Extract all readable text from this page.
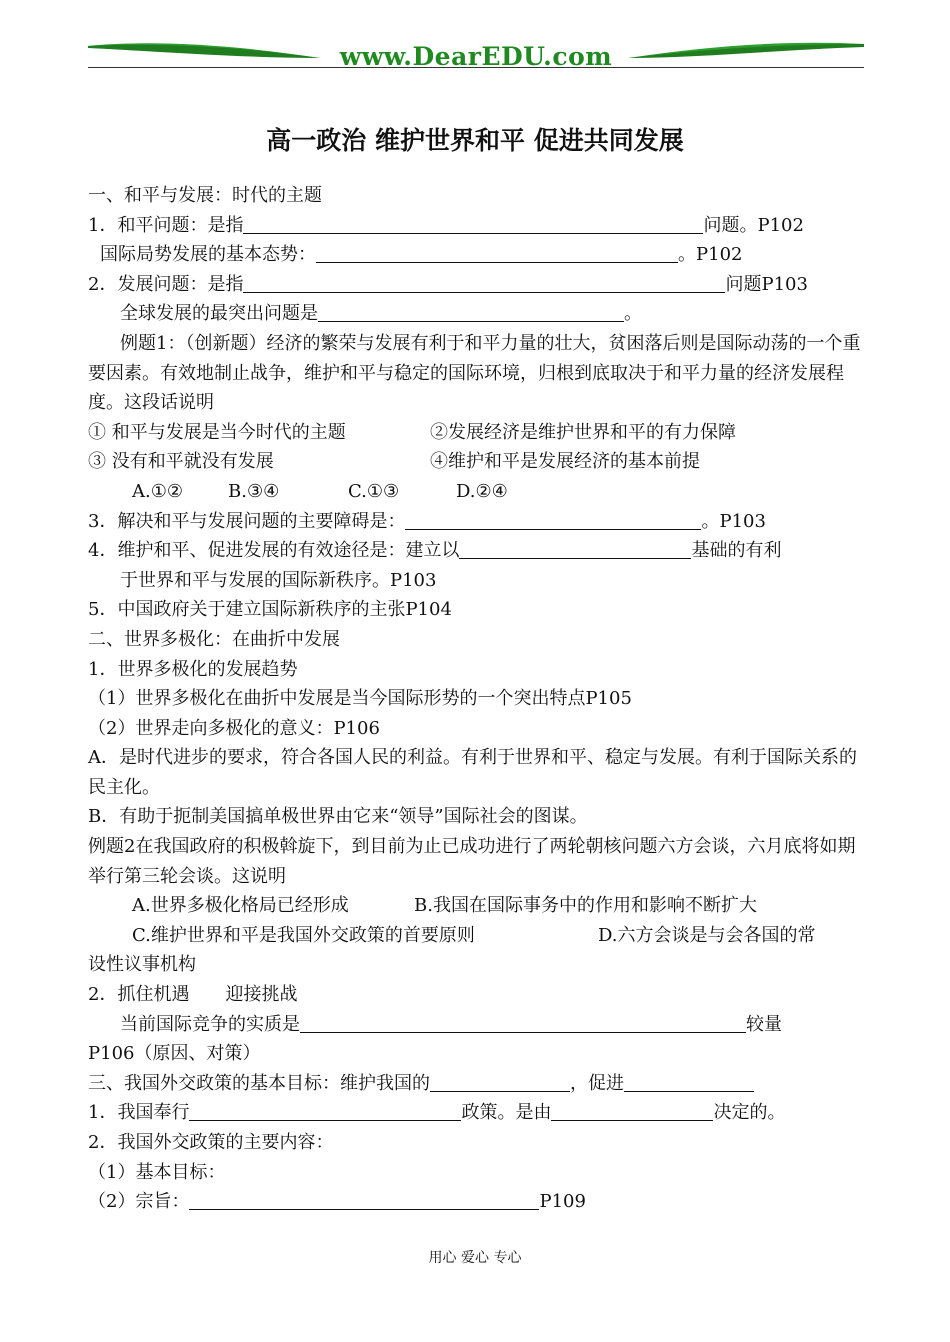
www.DearEDU.com
高一政治 维护世界和平 促进共同发展
一、和平与发展：时代的主题
1．和平问题：是指	问题。P102
国际局势发展的基本态势：	。P102
2．发展问题：是指	问题P103
全球发展的最突出问题是	。
例题1：（创新题）经济的繁荣与发展有利于和平力量的壮大，贫困落后则是国际动荡的一个重要因素。有效地制止战争，维护和平与稳定的国际环境，归根到底取决于和平力量的经济发展程度。这段话说明
① 和平与发展是当今时代的主题	②发展经济是维护世界和平的有力保障
③ 没有和平就没有发展	④维护和平是发展经济的基本前提
A.①②	B.③④	C.①③	D.②④
3．解决和平与发展问题的主要障碍是：	。P103
4．维护和平、促进发展的有效途径是：建立以	基础的有利
于世界和平与发展的国际新秩序。P103
5．中国政府关于建立国际新秩序的主张P104
二、世界多极化：在曲折中发展
1．世界多极化的发展趋势
（1）世界多极化在曲折中发展是当今国际形势的一个突出特点P105
（2）世界走向多极化的意义：P106
A．是时代进步的要求，符合各国人民的利益。有利于世界和平、稳定与发展。有利于国际关系的民主化。
B．有助于扼制美国搞单极世界由它来“领导”国际社会的图谋。
例题2在我国政府的积极斡旋下，到目前为止已成功进行了两轮朝核问题六方会谈，六月底将如期举行第三轮会谈。这说明
A.世界多极化格局已经形成	B.我国在国际事务中的作用和影响不断扩大
C.维护世界和平是我国外交政策的首要原则	D.六方会谈是与会各国的常
设性议事机构
2．抓住机遇　　迎接挑战
当前国际竞争的实质是	较量
P106（原因、对策）
三、我国外交政策的基本目标：维护我国的	，促进
1．我国奉行	政策。是由	决定的。
2．我国外交政策的主要内容：
（1）基本目标：
（2）宗旨：	P109
用心 爱心 专心
